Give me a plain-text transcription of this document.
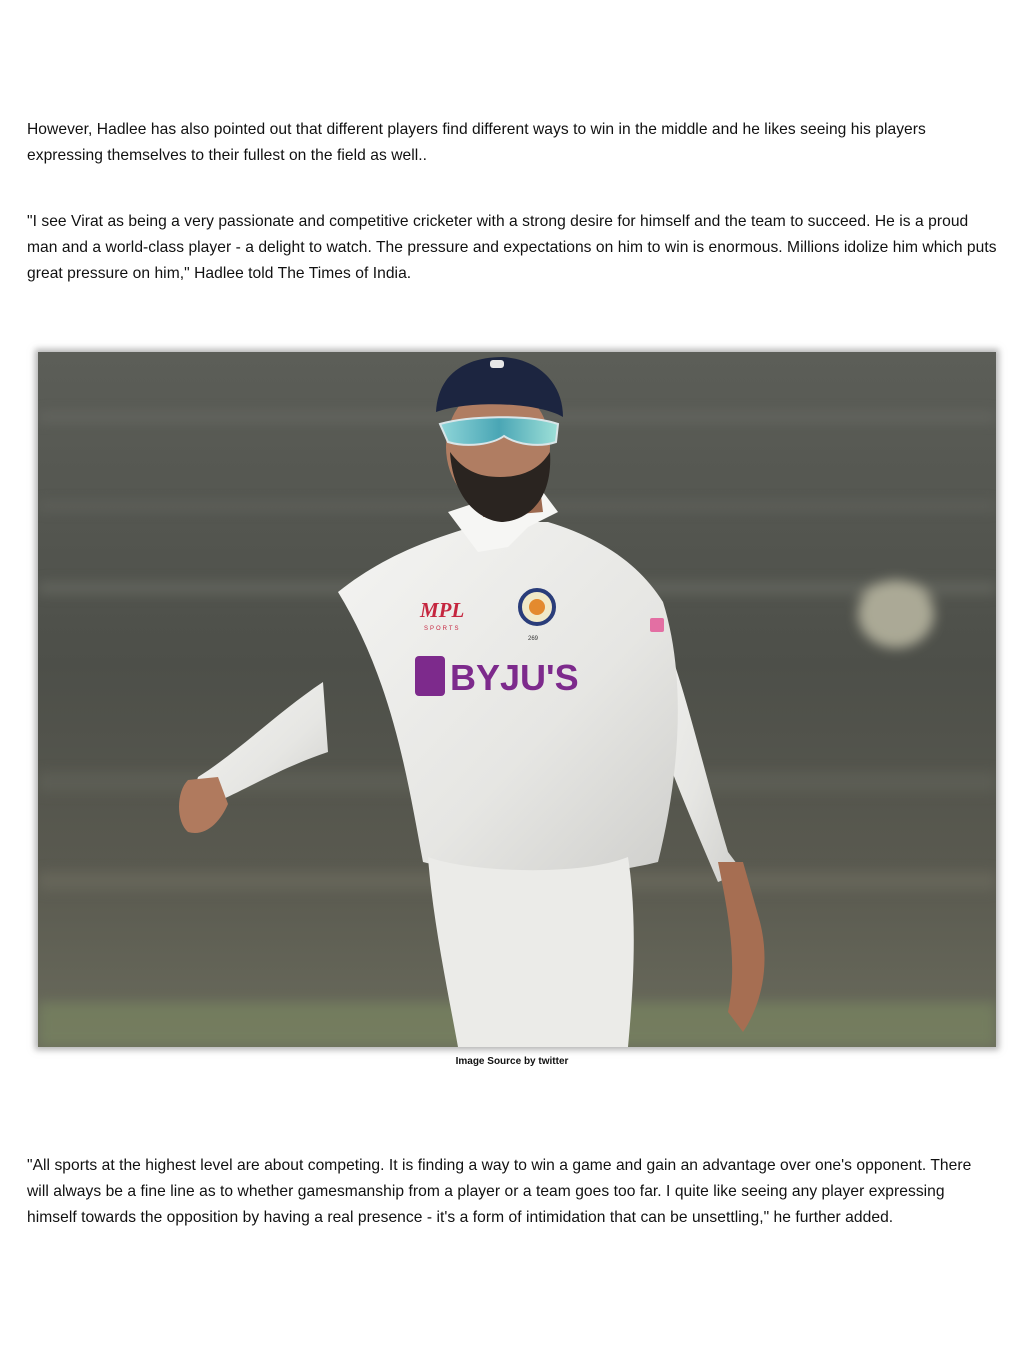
However, Hadlee has also pointed out that different players find different ways to win in the middle and he likes seeing his players expressing themselves to their fullest on the field as well..

"I see Virat as being a very passionate and competitive cricketer with a strong desire for himself and the team to succeed. He is a proud man and a world-class player - a delight to watch. The pressure and expectations on him to win is enormous. Millions idolize him which puts great pressure on him," Hadlee told The Times of India.

MPL
SPORTS
269
BYJU'S
Image Source by twitter

"All sports at the highest level are about competing. It is finding a way to win a game and gain an advantage over one's opponent. There will always be a fine line as to whether gamesmanship from a player or a team goes too far. I quite like seeing any player expressing himself towards the opposition by having a real presence - it's a form of intimidation that can be unsettling," he further added.
